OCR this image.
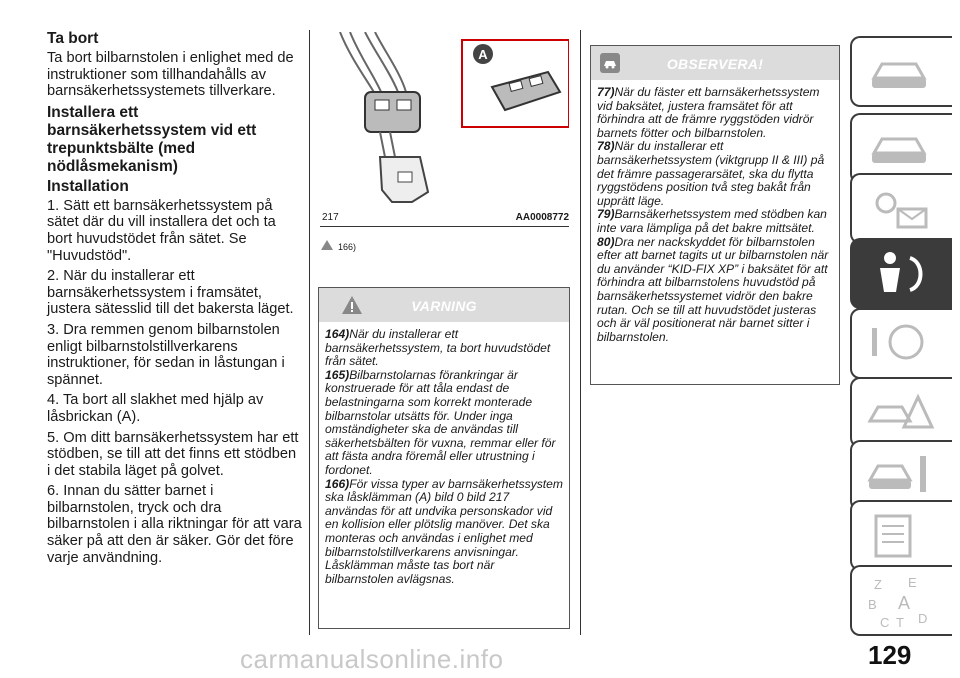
Ta bort

Ta bort bilbarnstolen i enlighet med de instruktioner som tillhandahålls av barnsäkerhetssystemets tillverkare.

Installera ett barnsäkerhetssystem vid ett trepunktsbälte (med nödlåsmekanism)
Installation

1. Sätt ett barnsäkerhetssystem på sätet där du vill installera det och ta bort huvudstödet från sätet. Se "Huvudstöd".

2. När du installerar ett barnsäkerhetssystem i framsätet, justera sätesslid till det bakersta läget.

3. Dra remmen genom bilbarnstolen enligt bilbarnstolstillverkarens instruktioner, för sedan in låstungan i spännet.

4. Ta bort all slakhet med hjälp av låsbrickan (A).

5. Om ditt barnsäkerhetssystem har ett stödben, se till att det finns ett stödben i det stabila läget på golvet.

6. Innan du sätter barnet i bilbarnstolen, tryck och dra bilbarnstolen i alla riktningar för att vara säker på att den är säker. Gör det före varje användning.

A
217	AA0008772
166)
VARNING

164)När du installerar ett barnsäkerhetssystem, ta bort huvudstödet från sätet.

165)Bilbarnstolarnas förankringar är konstruerade för att tåla endast de belastningarna som korrekt monterade bilbarnstolar utsätts för. Under inga omständigheter ska de användas till säkerhetsbälten för vuxna, remmar eller för att fästa andra föremål eller utrustning i fordonet.

166)För vissa typer av barnsäkerhetssystem ska låsklämman (A) bild 0 bild 217 användas för att undvika personskador vid en kollision eller plötslig manöver. Det ska monteras och användas i enlighet med bilbarnstolstillverkarens anvisningar. Låsklämman måste tas bort när bilbarnstolen avlägsnas.

OBSERVERA!

77)När du fäster ett barnsäkerhetssystem vid baksätet, justera framsätet för att förhindra att de främre ryggstöden vidrör barnets fötter och bilbarnstolen.

78)När du installerar ett barnsäkerhetssystem (viktgrupp II & III) på det främre passagerarsätet, ska du flytta ryggstödens position två steg bakåt från upprätt läge.

79)Barnsäkerhetssystem med stödben kan inte vara lämpliga på det bakre mittsätet.

80)Dra ner nackskyddet för bilbarnstolen efter att barnet tagits ut ur bilbarnstolen när du använder “KID-FIX XP” i baksätet för att förhindra att bilbarnstolens huvudstöd på barnsäkerhetssystemet vidrör den bakre rutan. Och se till att huvudstödet justeras och är väl positionerat när barnet sitter i bilbarnstolen.

Z E
B A
C T D
carmanualsonline.info	129
